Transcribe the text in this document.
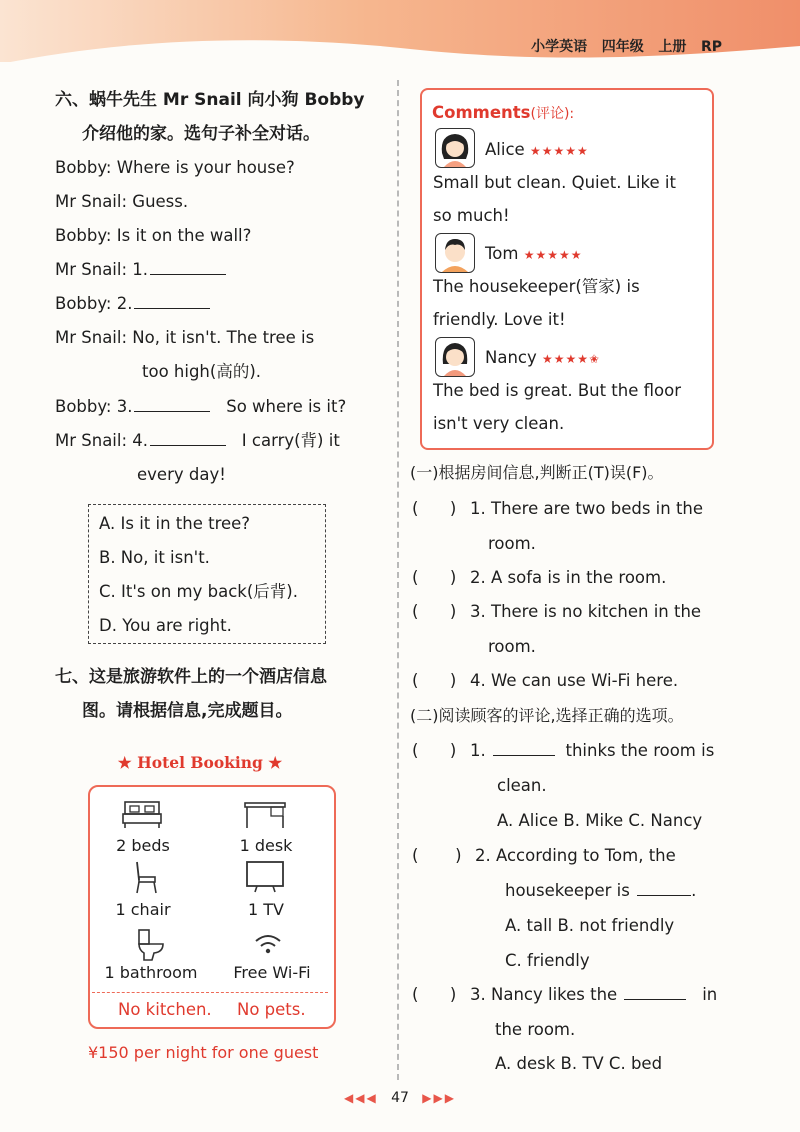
小学英语 四年级 上册 RP
六、蜗牛先生 Mr Snail 向小狗 Bobby
介绍他的家。选句子补全对话。
Bobby: Where is your house?
Mr Snail: Guess.
Bobby: Is it on the wall?
Mr Snail: 1.
Bobby: 2.
Mr Snail: No, it isn't. The tree is
too high(高的).
Bobby: 3.	So where is it?
Mr Snail: 4.	I carry(背) it
every day!
A. Is it in the tree?
B. No, it isn't.
C. It's on my back(后背).
D. You are right.
七、这是旅游软件上的一个酒店信息
图。请根据信息,完成题目。
★ Hotel Booking ★
2 beds	1 desk
1 chair	1 TV
1 bathroom	Free Wi-Fi
No kitchen. No pets.
¥150 per night for one guest
Comments(评论):
Alice ★★★★★
Small but clean. Quiet. Like it
so much!
Tom ★★★★★
The housekeeper(管家) is
friendly. Love it!
Nancy ★★★★✬
The bed is great. But the floor
isn't very clean.
(一)根据房间信息,判断正(T)误(F)。
(      ) 1. There are two beds in the
room.
(      ) 2. A sofa is in the room.
(      ) 3. There is no kitchen in the
room.
(      ) 4. We can use Wi-Fi here.
(二)阅读顾客的评论,选择正确的选项。
(      ) 1.	thinks the room is
clean.
A. Alice B. Mike C. Nancy
(       ) 2. According to Tom, the
housekeeper is	.
A. tall B. not friendly
C. friendly
(      ) 3. Nancy likes the	in
the room.
A. desk B. TV C. bed
◀◀◀ 47 ▶▶▶
